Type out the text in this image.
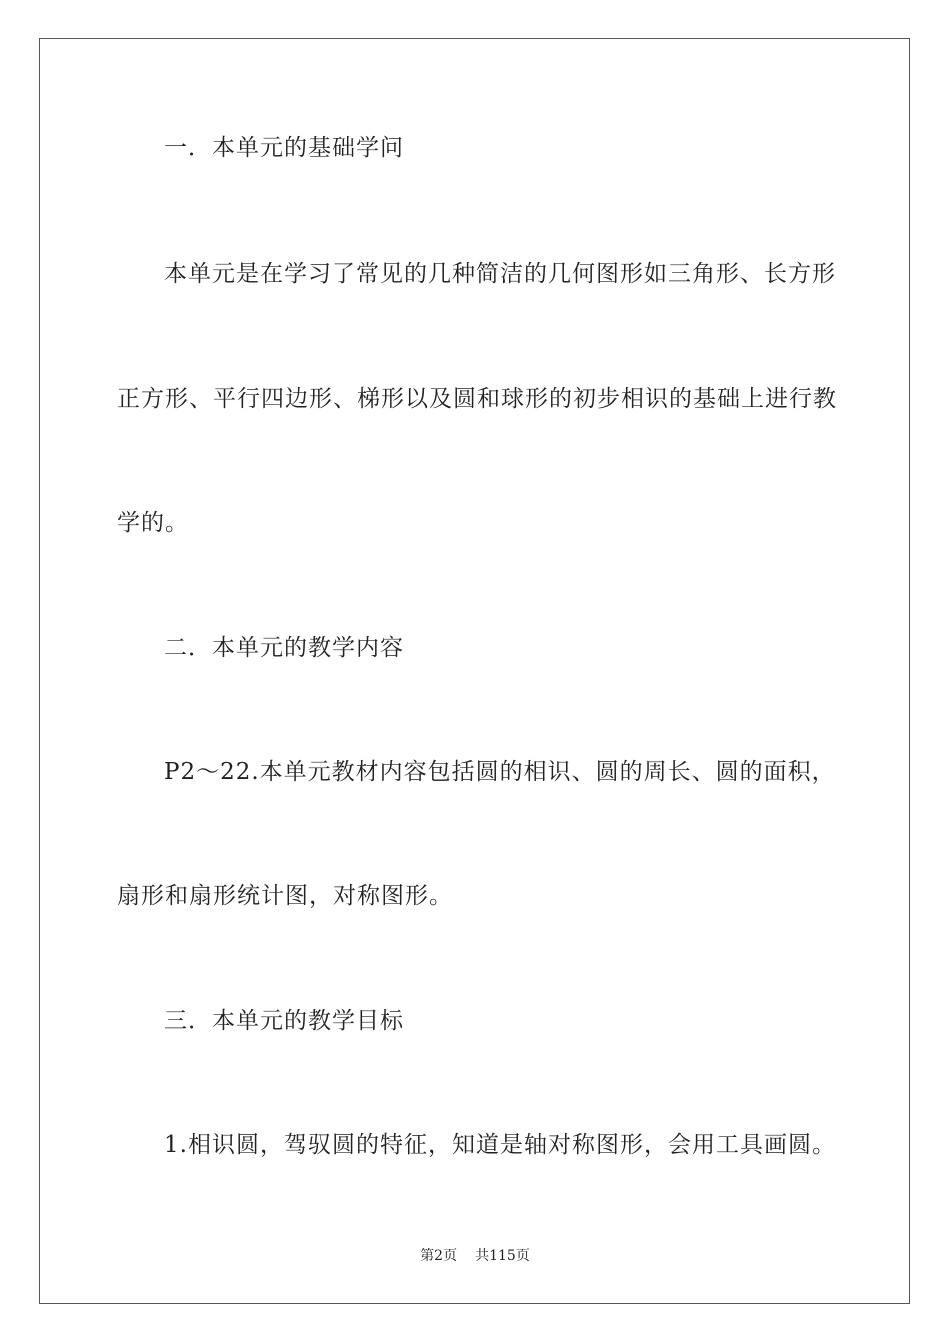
一．本单元的基础学问
本单元是在学习了常见的几种简洁的几何图形如三角形、长方形
正方形、平行四边形、梯形以及圆和球形的初步相识的基础上进行教
学的。
二．本单元的教学内容
P2～22.本单元教材内容包括圆的相识、圆的周长、圆的面积，
扇形和扇形统计图，对称图形。
三．本单元的教学目标
1.相识圆，驾驭圆的特征，知道是轴对称图形，会用工具画圆。
第2页 共115页
